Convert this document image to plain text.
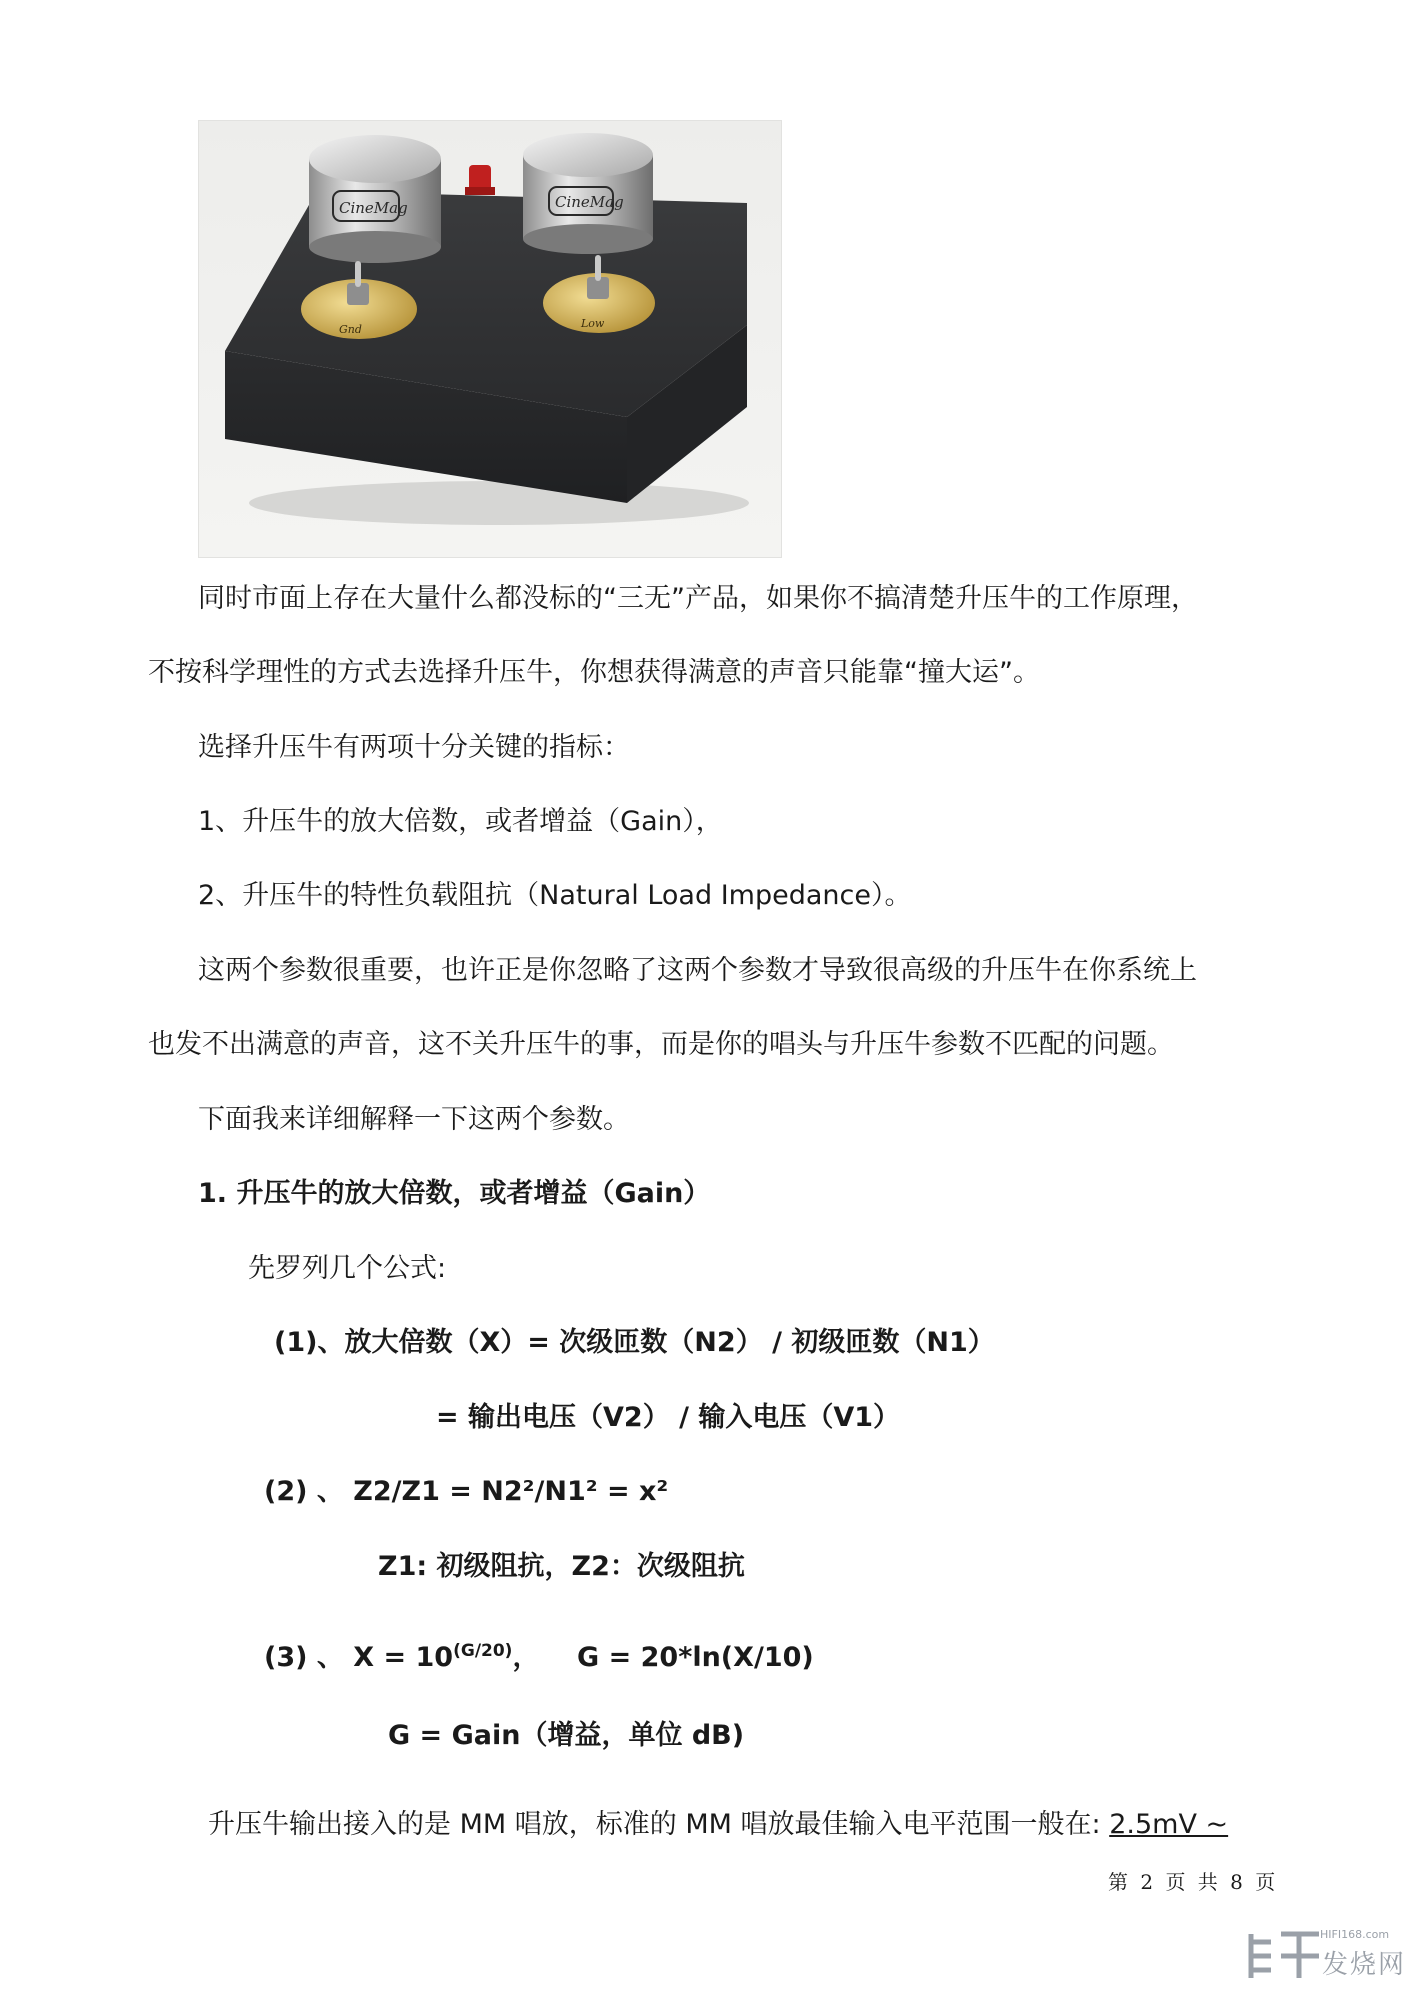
CineMag	CineMag
Gnd	Low
同时市面上存在大量什么都没标的“三无”产品，如果你不搞清楚升压牛的工作原理，
不按科学理性的方式去选择升压牛，你想获得满意的声音只能靠“撞大运”。
选择升压牛有两项十分关键的指标：
1、升压牛的放大倍数，或者增益（Gain），
2、升压牛的特性负载阻抗（Natural Load Impedance）。
这两个参数很重要，也许正是你忽略了这两个参数才导致很高级的升压牛在你系统上
也发不出满意的声音，这不关升压牛的事，而是你的唱头与升压牛参数不匹配的问题。
下面我来详细解释一下这两个参数。
1. 升压牛的放大倍数，或者增益（Gain）
先罗列几个公式:
(1)、放大倍数（X）= 次级匝数（N2） / 初级匝数（N1）
= 输出电压（V2） / 输入电压（V1）
(2) 、 Z2/Z1 = N2²/N1² = x²
Z1: 初级阻抗，Z2：次级阻抗
(3) 、 $X = 10^{(G/20)}$，    G = 20*ln(X/10)
G = Gain（增益，单位 dB)
升压牛输出接入的是 MM 唱放，标准的 MM 唱放最佳输入电平范围一般在: 2.5mV ~
第 2 页 共 8 页
HIFI168.com
发烧网
